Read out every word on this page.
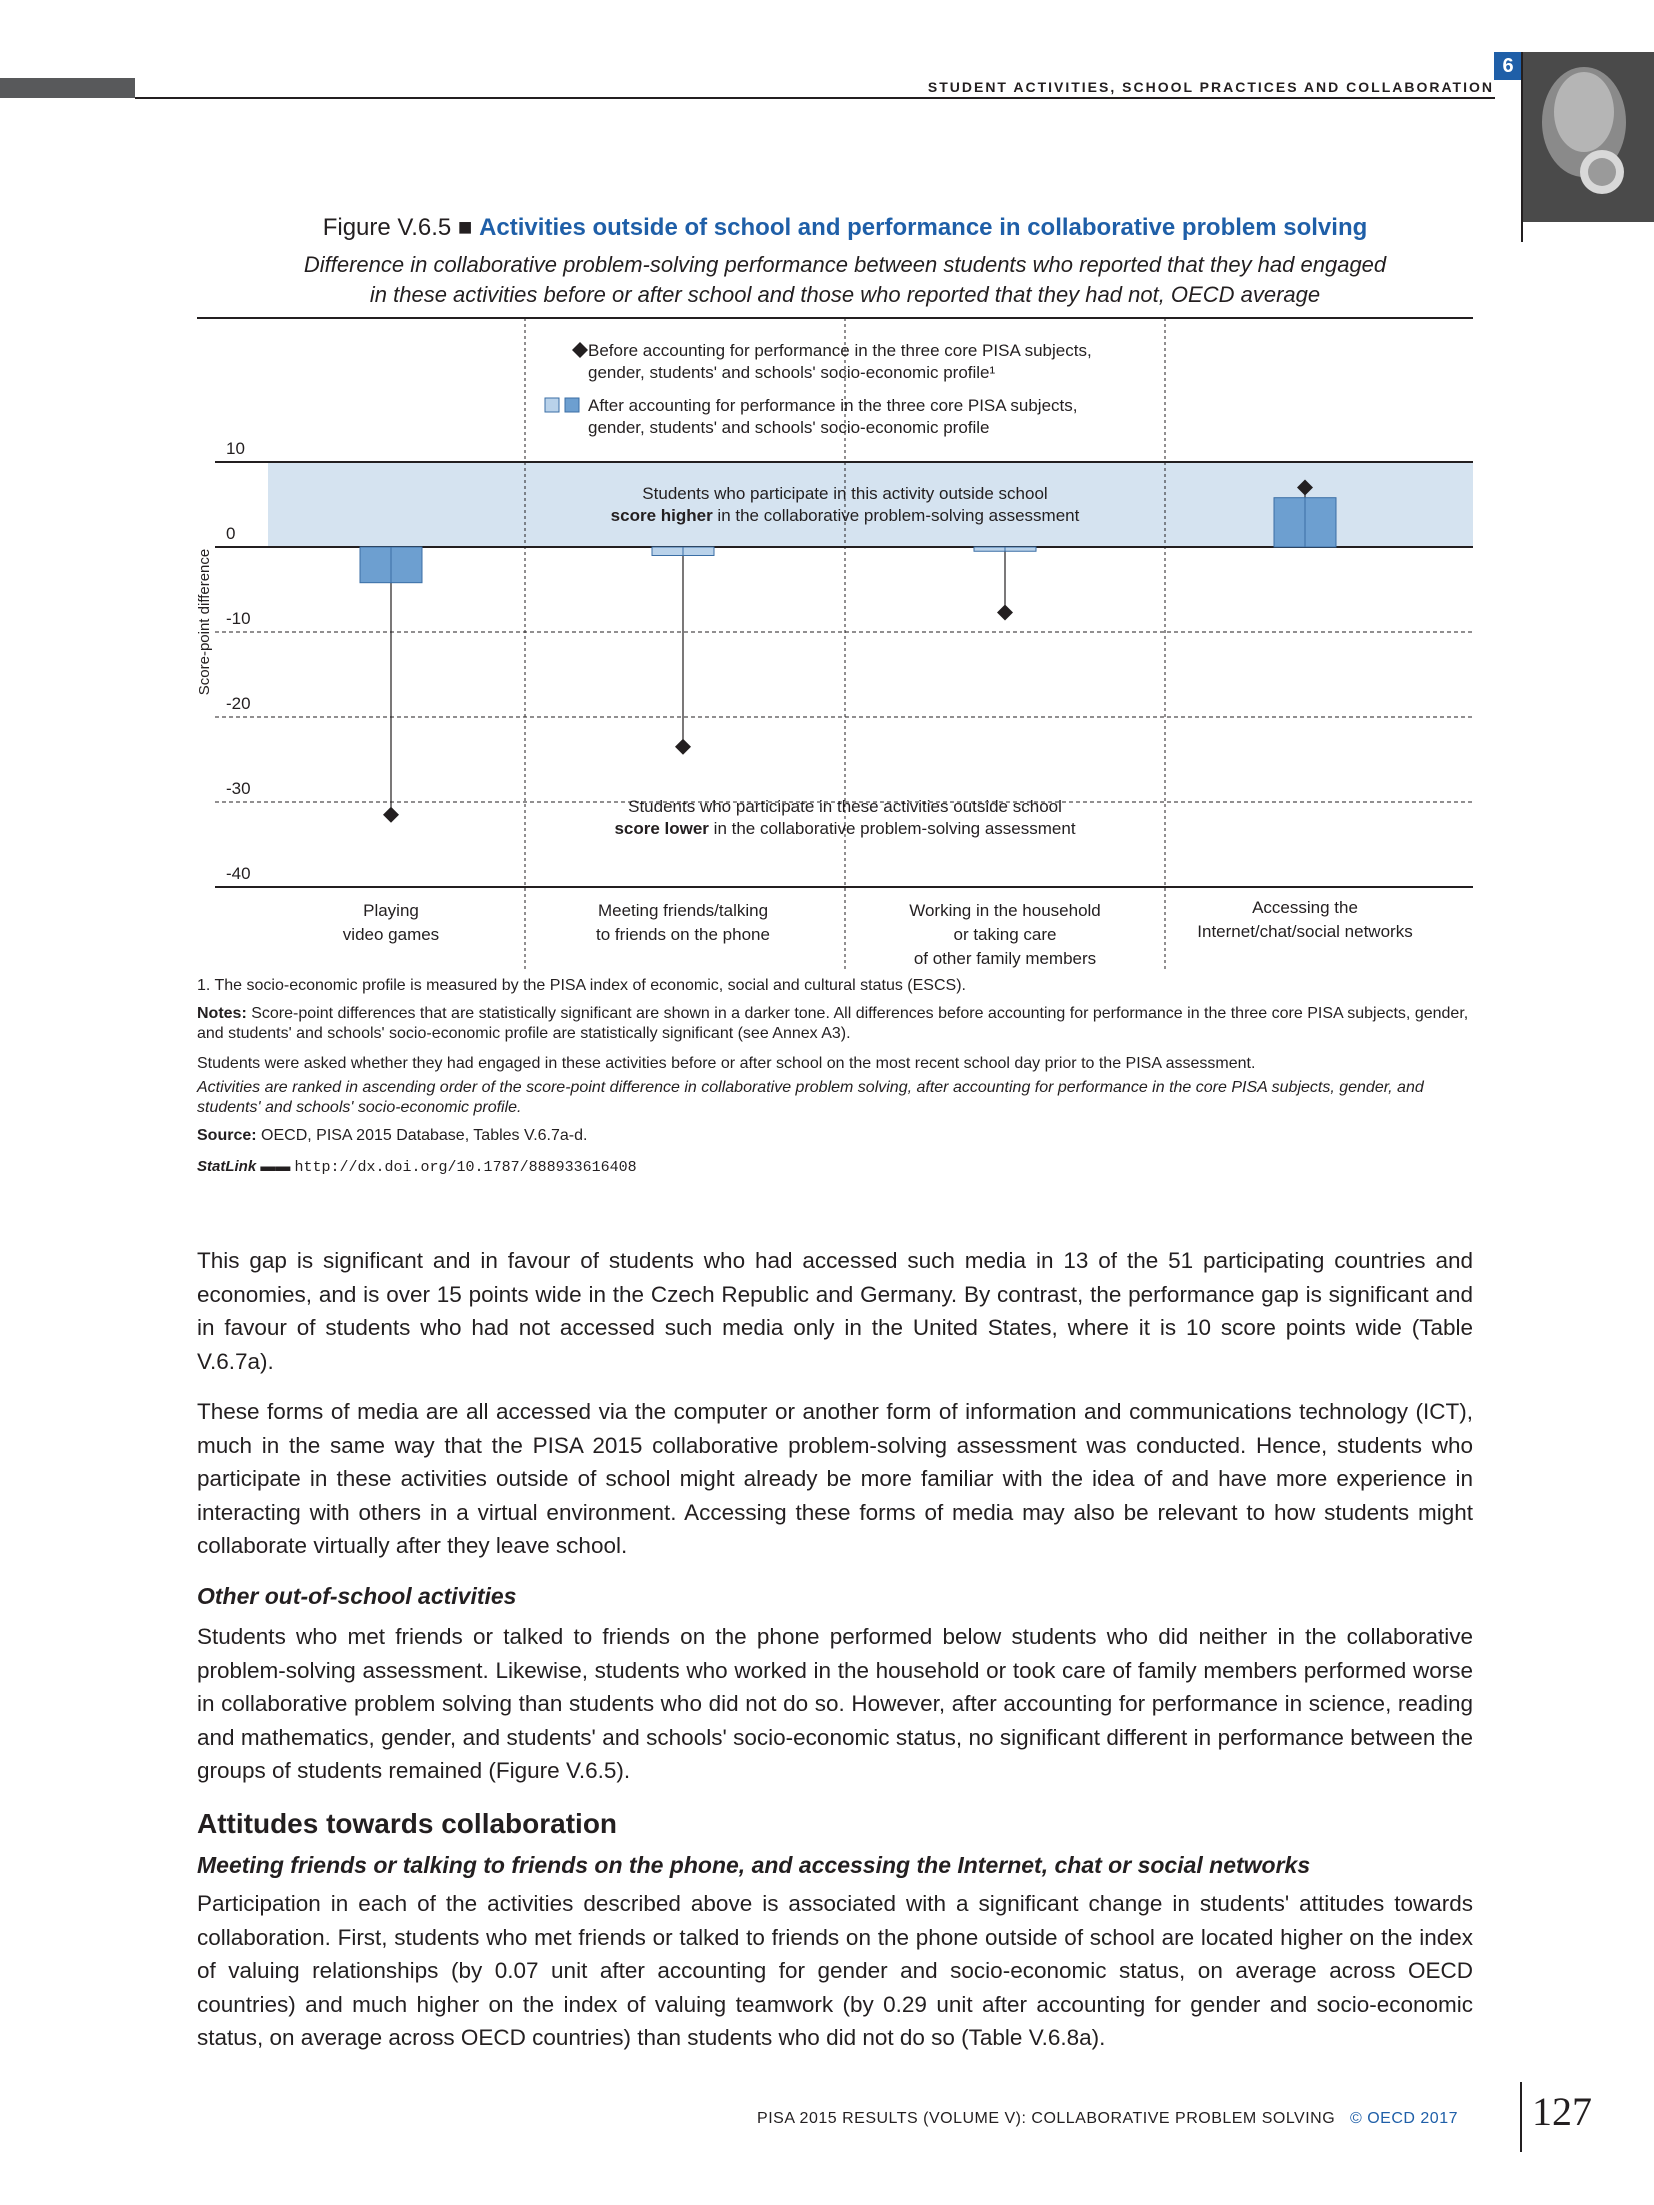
STUDENT ACTIVITIES, SCHOOL PRACTICES AND COLLABORATION
6
Figure V.6.5 ■ Activities outside of school and performance in collaborative problem solving
Difference in collaborative problem-solving performance between students who reported that they had engaged
in these activities before or after school and those who reported that they had not, OECD average
10
0
-10
-20
-30
-40
Score-point difference
Before accounting for performance in the three core PISA subjects,
gender, students' and schools' socio-economic profile¹
After accounting for performance in the three core PISA subjects,
gender, students' and schools' socio-economic profile
Students who participate in this activity outside school
score higher in the collaborative problem-solving assessment
Students who participate in these activities outside school
score lower in the collaborative problem-solving assessment
Playing
video games
Meeting friends/talking
to friends on the phone
Working in the household
or taking care
of other family members
Accessing the
Internet/chat/social networks
1. The socio-economic profile is measured by the PISA index of economic, social and cultural status (ESCS).
Notes: Score-point differences that are statistically significant are shown in a darker tone. All differences before accounting for performance in the three core PISA subjects, gender, and students' and schools' socio-economic profile are statistically significant (see Annex A3).
Students were asked whether they had engaged in these activities before or after school on the most recent school day prior to the PISA assessment.
Activities are ranked in ascending order of the score-point difference in collaborative problem solving, after accounting for performance in the core PISA subjects, gender, and students' and schools' socio-economic profile.
Source: OECD, PISA 2015 Database, Tables V.6.7a-d.
StatLink ▬▬ http://dx.doi.org/10.1787/888933616408
This gap is significant and in favour of students who had accessed such media in 13 of the 51 participating countries and economies, and is over 15 points wide in the Czech Republic and Germany. By contrast, the performance gap is significant and in favour of students who had not accessed such media only in the United States, where it is 10 score points wide (Table V.6.7a).
These forms of media are all accessed via the computer or another form of information and communications technology (ICT), much in the same way that the PISA 2015 collaborative problem-solving assessment was conducted. Hence, students who participate in these activities outside of school might already be more familiar with the idea of and have more experience in interacting with others in a virtual environment. Accessing these forms of media may also be relevant to how students might collaborate virtually after they leave school.
Other out-of-school activities
Students who met friends or talked to friends on the phone performed below students who did neither in the collaborative problem-solving assessment. Likewise, students who worked in the household or took care of family members performed worse in collaborative problem solving than students who did not do so. However, after accounting for performance in science, reading and mathematics, gender, and students' and schools' socio-economic status, no significant different in performance between the groups of students remained (Figure V.6.5).
Attitudes towards collaboration
Meeting friends or talking to friends on the phone, and accessing the Internet, chat or social networks
Participation in each of the activities described above is associated with a significant change in students' attitudes towards collaboration. First, students who met friends or talked to friends on the phone outside of school are located higher on the index of valuing relationships (by 0.07 unit after accounting for gender and socio-economic status, on average across OECD countries) and much higher on the index of valuing teamwork (by 0.29 unit after accounting for gender and socio-economic status, on average across OECD countries) than students who did not do so (Table V.6.8a).
PISA 2015 RESULTS (VOLUME V): COLLABORATIVE PROBLEM SOLVING © OECD 2017 127
